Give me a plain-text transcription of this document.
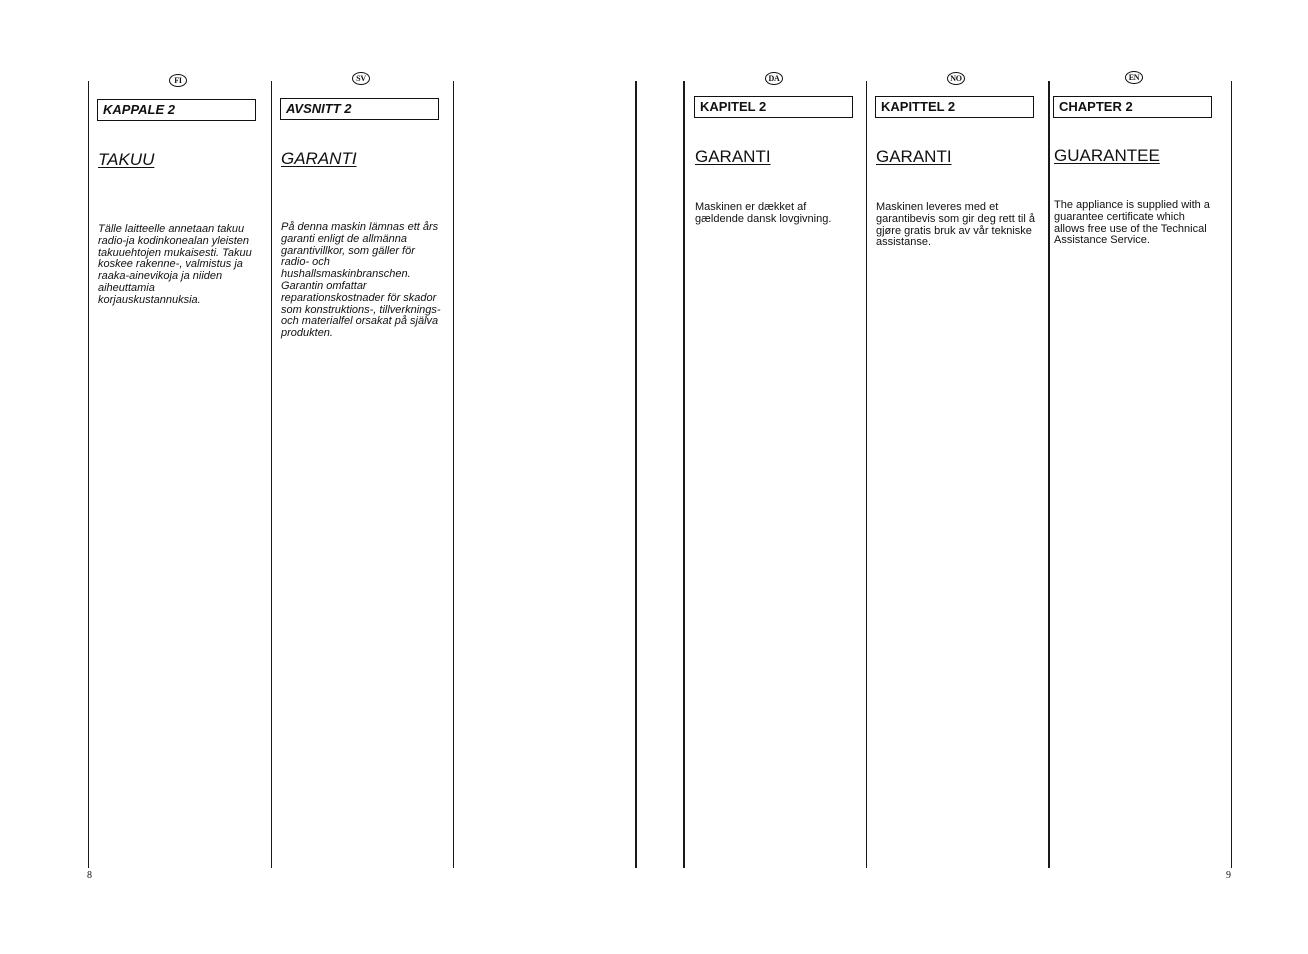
FI
KAPPALE 2
TAKUU
Tälle laitteelle annetaan takuu radio-ja kodinkonealan yleisten takuuehtojen mukaisesti. Takuu koskee rakenne-, valmistus ja raaka-ainevikoja ja niiden aiheuttamia korjauskustannuksia.
SV
AVSNITT 2
GARANTI
På denna maskin lämnas ett års garanti enligt de allmänna garantivillkor, som gäller för radio- och hushallsmaskinbranschen. Garantin omfattar reparationskostnader för skador som konstruktions-, tillverknings- och materialfel orsakat på själva produkten.
DA
KAPITEL 2
GARANTI
Maskinen er dækket af gældende dansk lovgivning.
NO
KAPITTEL 2
GARANTI
Maskinen leveres med et garantibevis som gir deg rett til å gjøre gratis bruk av vår tekniske assistanse.
EN
CHAPTER 2
GUARANTEE
The appliance is supplied with a guarantee certificate which allows free use of the Technical Assistance Service.
8	9
